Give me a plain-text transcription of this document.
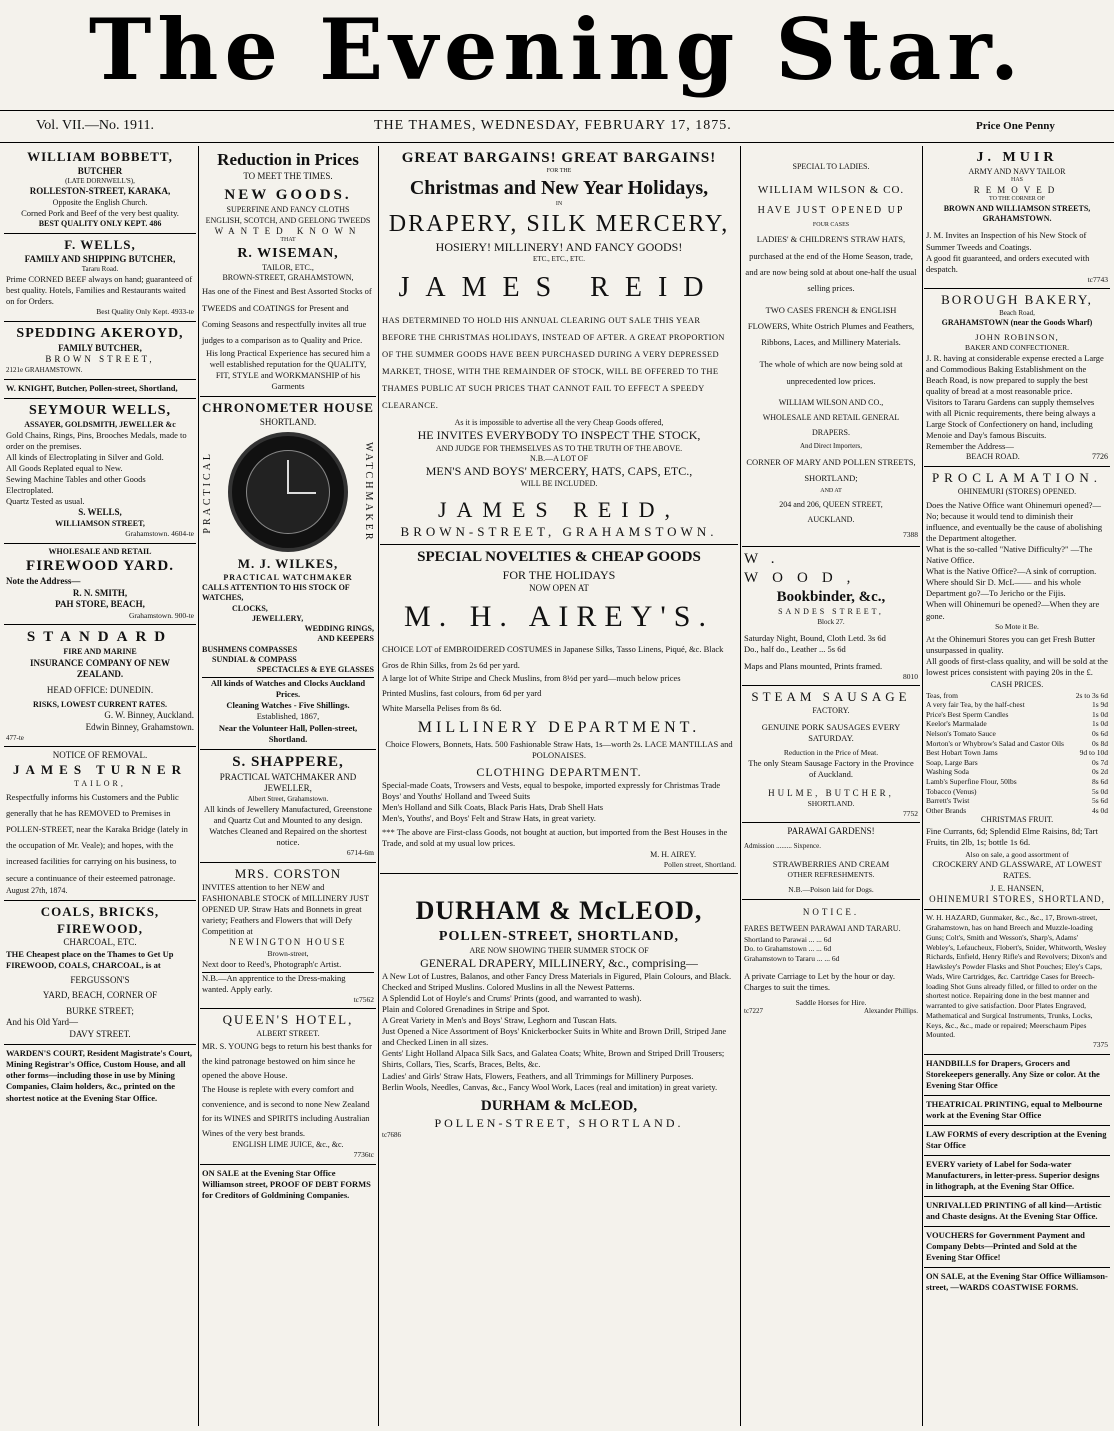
The Evening Star.
Vol. VII.—No. 1911.	THE THAMES, WEDNESDAY, FEBRUARY 17, 1875.	Price One Penny
WILLIAM BOBBETT,
BUTCHER
(LATE DORNWELL'S),
ROLLESTON-STREET, KARAKA,
Opposite the English Church.
Corned Pork and Beef of the very best quality.
BEST QUALITY ONLY KEPT. 486
F. WELLS,
FAMILY AND SHIPPING BUTCHER,
Tararu Road.
Prime CORNED BEEF always on hand; guaranteed of best quality. Hotels, Families and Restaurants waited on for Orders.
Best Quality Only Kept. 4933-te
SPEDDING AKEROYD,
FAMILY BUTCHER,
BROWN STREET,
2121e GRAHAMSTOWN.
W. KNIGHT, Butcher, Pollen-street, Shortland,
SEYMOUR WELLS,
ASSAYER, GOLDSMITH, JEWELLER &c
Gold Chains, Rings, Pins, Brooches Medals, made to order on the premises.
All kinds of Electroplating in Silver and Gold.
All Goods Replated equal to New.
Sewing Machine Tables and other Goods Electroplated.
Quartz Tested as usual.
S. WELLS,
WILLIAMSON STREET,
Grahamstown. 4604-te
WHOLESALE AND RETAIL
FIREWOOD YARD.
Note the Address—
R. N. SMITH,
PAH STORE, BEACH,
Grahamstown. 900-te
STANDARD
FIRE AND MARINE
INSURANCE COMPANY OF NEW ZEALAND.
HEAD OFFICE: DUNEDIN.
RISKS, LOWEST CURRENT RATES.
G. W. Binney, Auckland.
Edwin Binney, Grahamstown.
477-te
NOTICE OF REMOVAL.
JAMES TURNER
TAILOR,
Respectfully informs his Customers and the Public generally that he has REMOVED to Premises in POLLEN-STREET, near the Karaka Bridge (lately in the occupation of Mr. Veale); and hopes, with the increased facilities for carrying on his business, to secure a continuance of their esteemed patronage.
August 27th, 1874.
COALS, BRICKS, FIREWOOD,
CHARCOAL, ETC.
THE Cheapest place on the Thames to Get Up FIREWOOD, COALS, CHARCOAL, is at
FERGUSSON'S
YARD, BEACH, CORNER OF
BURKE STREET;
And his Old Yard—
DAVY STREET.
WARDEN'S COURT, Resident Magistrate's Court, Mining Registrar's Office, Custom House, and all other forms—including those in use by Mining Companies, Claim holders, &c., printed on the shortest notice at the Evening Star Office.
Reduction in Prices
TO MEET THE TIMES.
NEW GOODS.
SUPERFINE AND FANCY CLOTHS
ENGLISH, SCOTCH, AND GEELONG TWEEDS
WANTED KNOWN
THAT
R. WISEMAN,
TAILOR, ETC.,
BROWN-STREET, GRAHAMSTOWN,
Has one of the Finest and Best Assorted Stocks of TWEEDS and COATINGS for Present and Coming Seasons and respectfully invites all true judges to a comparison as to Quality and Price.
His long Practical Experience has secured him a well established reputation for the QUALITY, FIT, STYLE and WORKMANSHIP of his Garments
CHRONOMETER HOUSE
SHORTLAND.
PRACTICAL	WATCHMAKER
M. J. WILKES,
PRACTICAL WATCHMAKER
CALLS ATTENTION TO HIS STOCK OF WATCHES,
CLOCKS,
JEWELLERY,
WEDDING RINGS,
AND KEEPERS
BUSHMENS COMPASSES
SUNDIAL & COMPASS
SPECTACLES & EYE GLASSES
All kinds of Watches and Clocks Auckland Prices.
Cleaning Watches - Five Shillings.
Established, 1867,
Near the Volunteer Hall, Pollen-street, Shortland.
S. SHAPPERE,
PRACTICAL WATCHMAKER AND JEWELLER,
Albert Street, Grahamstown.
All kinds of Jewellery Manufactured, Greenstone and Quartz Cut and Mounted to any design.
Watches Cleaned and Repaired on the shortest notice.
6714-6m
MRS. CORSTON
INVITES attention to her NEW and FASHIONABLE STOCK of MILLINERY JUST OPENED UP. Straw Hats and Bonnets in great variety; Feathers and Flowers that will Defy Competition at
NEWINGTON HOUSE
Brown-street,
Next door to Reed's, Photograph'c Artist.
N.B.—An apprentice to the Dress-making wanted. Apply early.
tc7562
QUEEN'S HOTEL,
ALBERT STREET.
MR. S. YOUNG begs to return his best thanks for the kind patronage bestowed on him since he opened the above House.
The House is replete with every comfort and convenience, and is second to none New Zealand for its WINES and SPIRITS including Australian Wines of the very best brands.
ENGLISH LIME JUICE, &c., &c.
7736tc
ON SALE at the Evening Star Office Williamson street, PROOF OF DEBT FORMS for Creditors of Goldmining Companies.
GREAT BARGAINS! GREAT BARGAINS!
FOR THE
Christmas and New Year Holidays,
IN
DRAPERY, SILK MERCERY,
HOSIERY! MILLINERY! AND FANCY GOODS!
ETC., ETC., ETC.
JAMES REID
HAS DETERMINED TO HOLD HIS ANNUAL CLEARING OUT SALE THIS YEAR BEFORE THE CHRISTMAS HOLIDAYS, INSTEAD OF AFTER. A GREAT PROPORTION OF THE SUMMER GOODS HAVE BEEN PURCHASED DURING A VERY DEPRESSED MARKET, THOSE, WITH THE REMAINDER OF STOCK, WILL BE OFFERED TO THE THAMES PUBLIC AT SUCH PRICES THAT CANNOT FAIL TO EFFECT A SPEEDY CLEARANCE.
As it is impossible to advertise all the very Cheap Goods offered,
HE INVITES EVERYBODY TO INSPECT THE STOCK,
AND JUDGE FOR THEMSELVES AS TO THE TRUTH OF THE ABOVE.
N.B.—A LOT OF
MEN'S AND BOYS' MERCERY, HATS, CAPS, ETC.,
WILL BE INCLUDED.
JAMES REID,
BROWN-STREET, GRAHAMSTOWN.
SPECIAL NOVELTIES & CHEAP GOODS
FOR THE HOLIDAYS
NOW OPEN AT
M. H. AIREY'S.
CHOICE LOT of EMBROIDERED COSTUMES in Japanese Silks, Tasso Linens, Piqué, &c. Black Gros de Rhin Silks, from 2s 6d per yard.
A large lot of White Stripe and Check Muslins, from 8½d per yard—much below prices
Printed Muslins, fast colours, from 6d per yard
White Marsella Pelises from 8s 6d.
MILLINERY DEPARTMENT.
Choice Flowers, Bonnets, Hats. 500 Fashionable Straw Hats, 1s—worth 2s. LACE MANTILLAS and POLONAISES.
CLOTHING DEPARTMENT.
Special-made Coats, Trowsers and Vests, equal to bespoke, imported expressly for Christmas Trade
Boys' and Youths' Holland and Tweed Suits
Men's Holland and Silk Coats, Black Paris Hats, Drab Shell Hats
Men's, Youths', and Boys' Felt and Straw Hats, in great variety.
*** The above are First-class Goods, not bought at auction, but imported from the Best Houses in the Trade, and sold at my usual low prices.
M. H. AIREY.
Pollen street, Shortland.
DURHAM & McLEOD,
POLLEN-STREET, SHORTLAND,
ARE NOW SHOWING THEIR SUMMER STOCK OF
GENERAL DRAPERY, MILLINERY, &c., comprising—
A New Lot of Lustres, Balanos, and other Fancy Dress Materials in Figured, Plain Colours, and Black.
Checked and Striped Muslins. Colored Muslins in all the Newest Patterns.
A Splendid Lot of Hoyle's and Crums' Prints (good, and warranted to wash).
Plain and Colored Grenadines in Stripe and Spot.
A Great Variety in Men's and Boys' Straw, Leghorn and Tuscan Hats.
Just Opened a Nice Assortment of Boys' Knickerbocker Suits in White and Brown Drill, Striped Jane and Checked Linen in all sizes.
Gents' Light Holland Alpaca Silk Sacs, and Galatea Coats; White, Brown and Striped Drill Trousers; Shirts, Collars, Ties, Scarfs, Braces, Belts, &c.
Ladies' and Girls' Straw Hats, Flowers, Feathers, and all Trimmings for Millinery Purposes.
Berlin Wools, Needles, Canvas, &c., Fancy Wool Work, Laces (real and imitation) in great variety.
DURHAM & McLEOD,
POLLEN-STREET, SHORTLAND.
tc7686
SPECIAL TO LADIES.
WILLIAM WILSON & CO.
HAVE JUST OPENED UP
FOUR CASES
LADIES' & CHILDREN'S STRAW HATS, purchased at the end of the Home Season, trade, and are now being sold at about one-half the usual selling prices.
TWO CASES FRENCH & ENGLISH FLOWERS, White Ostrich Plumes and Feathers, Ribbons, Laces, and Millinery Materials.
The whole of which are now being sold at unprecedented low prices.
WILLIAM WILSON AND CO.,
WHOLESALE AND RETAIL GENERAL DRAPERS.
And Direct Importers,
CORNER OF MARY AND POLLEN STREETS, SHORTLAND;
AND AT
204 and 206, QUEEN STREET,
AUCKLAND.
7388
W. WOOD,
Bookbinder, &c.,
SANDES STREET,
Block 27.
Saturday Night, Bound, Cloth Letd. 3s 6d
Do., half do., Leather ... 5s 6d
Maps and Plans mounted, Prints framed.
8010
STEAM SAUSAGE
FACTORY.
GENUINE PORK SAUSAGES EVERY SATURDAY.
Reduction in the Price of Meat.
The only Steam Sausage Factory in the Province of Auckland.
HULME, BUTCHER,
SHORTLAND.
7752
PARAWAI GARDENS!
Admission ......... Sixpence.
STRAWBERRIES AND CREAM
OTHER REFRESHMENTS.
N.B.—Poison laid for Dogs.
NOTICE.
FARES BETWEEN PARAWAI AND TARARU.
Shortland to Parawai ... ... 6d
Do. to Grahamstown ... ... 6d
Grahamstown to Tararu ... ... 6d
A private Carriage to Let by the hour or day. Charges to suit the times.
Saddle Horses for Hire.
tc7227	Alexander Phillips.
J. MUIR
ARMY AND NAVY TAILOR
HAS
REMOVED
TO THE CORNER OF
BROWN AND WILLIAMSON STREETS, GRAHAMSTOWN.
J. M. Invites an Inspection of his New Stock of Summer Tweeds and Coatings.
A good fit guaranteed, and orders executed with despatch.
tc7743
BOROUGH BAKERY,
Beach Road,
GRAHAMSTOWN (near the Goods Wharf)
JOHN ROBINSON,
BAKER AND CONFECTIONER.
J. R. having at considerable expense erected a Large and Commodious Baking Establishment on the Beach Road, is now prepared to supply the best quality of bread at a most reasonable price.
Visitors to Tararu Gardens can supply themselves with all Picnic requirements, there being always a Large Stock of Confectionery on hand, including Menoie and Day's famous Biscuits.
Remember the Address—
BEACH ROAD.	7726
PROCLAMATION.
OHINEMURI (STORES) OPENED.
Does the Native Office want Ohinemuri opened?—No; because it would tend to diminish their influence, and eventually be the cause of abolishing the Department altogether.
What is the so-called "Native Difficulty?" —The Native Office.
What is the Native Office?—A sink of corruption.
Where should Sir D. McL—— and his whole Department go?—To Jericho or the Fijis.
When will Ohinemuri be opened?—When they are gone.
So Mote it Be.
At the Ohinemuri Stores you can get Fresh Butter unsurpassed in quality.
All goods of first-class quality, and will be sold at the lowest prices consistent with paying 20s in the £.
CASH PRICES.
Teas, from	2s to 3s 6d
A very fair Tea, by the half-chest	1s 9d
Price's Best Sperm Candles	1s 0d
Keelor's Marmalade	1s 0d
Nelson's Tomato Sauce	0s 6d
Morton's or Whybrow's Salad and Castor Oils	0s 8d
Best Hobart Town Jams	9d to 10d
Soap, Large Bars	0s 7d
Washing Soda	0s 2d
Lamb's Superfine Flour, 50lbs	8s 6d
Tobacco (Venus)	5s 0d
Barrett's Twist	5s 6d
Other Brands	4s 0d
CHRISTMAS FRUIT.
Fine Currants, 6d; Splendid Elme Raisins, 8d; Tart Fruits, tin 2lb, 1s; bottle 1s 6d.
Also on sale, a good assortment of
CROCKERY AND GLASSWARE, AT LOWEST RATES.
J. E. HANSEN,
OHINEMURI STORES, SHORTLAND,
W. H. HAZARD, Gunmaker, &c., &c., 17, Brown-street, Grahamstown, has on hand Breech and Muzzle-loading Guns; Colt's, Smith and Wesson's, Sharp's, Adams' Webley's, Lefaucheux, Flobert's, Snider, Whitworth, Wesley Richards, Enfield, Henry Rifle's and Revolvers; Dixon's and Hawksley's Powder Flasks and Shot Pouches; Eley's Caps, Wads, Wire Cartridges, &c. Cartridge Cases for Breech-loading Shot Guns already filled, or filled to order on the shortest notice. Repairing done in the best manner and warranted to give satisfaction. Door Plates Engraved, Mathematical and Surgical Instruments, Trunks, Locks, Keys, &c., &c., made or repaired; Meerschaum Pipes Mounted.
7375
HANDBILLS for Drapers, Grocers and Storekeepers generally. Any Size or color. At the Evening Star Office
THEATRICAL PRINTING, equal to Melbourne work at the Evening Star Office
LAW FORMS of every description at the Evening Star Office
EVERY variety of Label for Soda-water Manufacturers, in letter-press. Superior designs in lithograph, at the Evening Star Office.
UNRIVALLED PRINTING of all kind—Artistic and Chaste designs. At the Evening Star Office.
VOUCHERS for Government Payment and Company Debts—Printed and Sold at the Evening Star Office!
ON SALE, at the Evening Star Office Williamson-street, —WARDS COASTWISE FORMS.
